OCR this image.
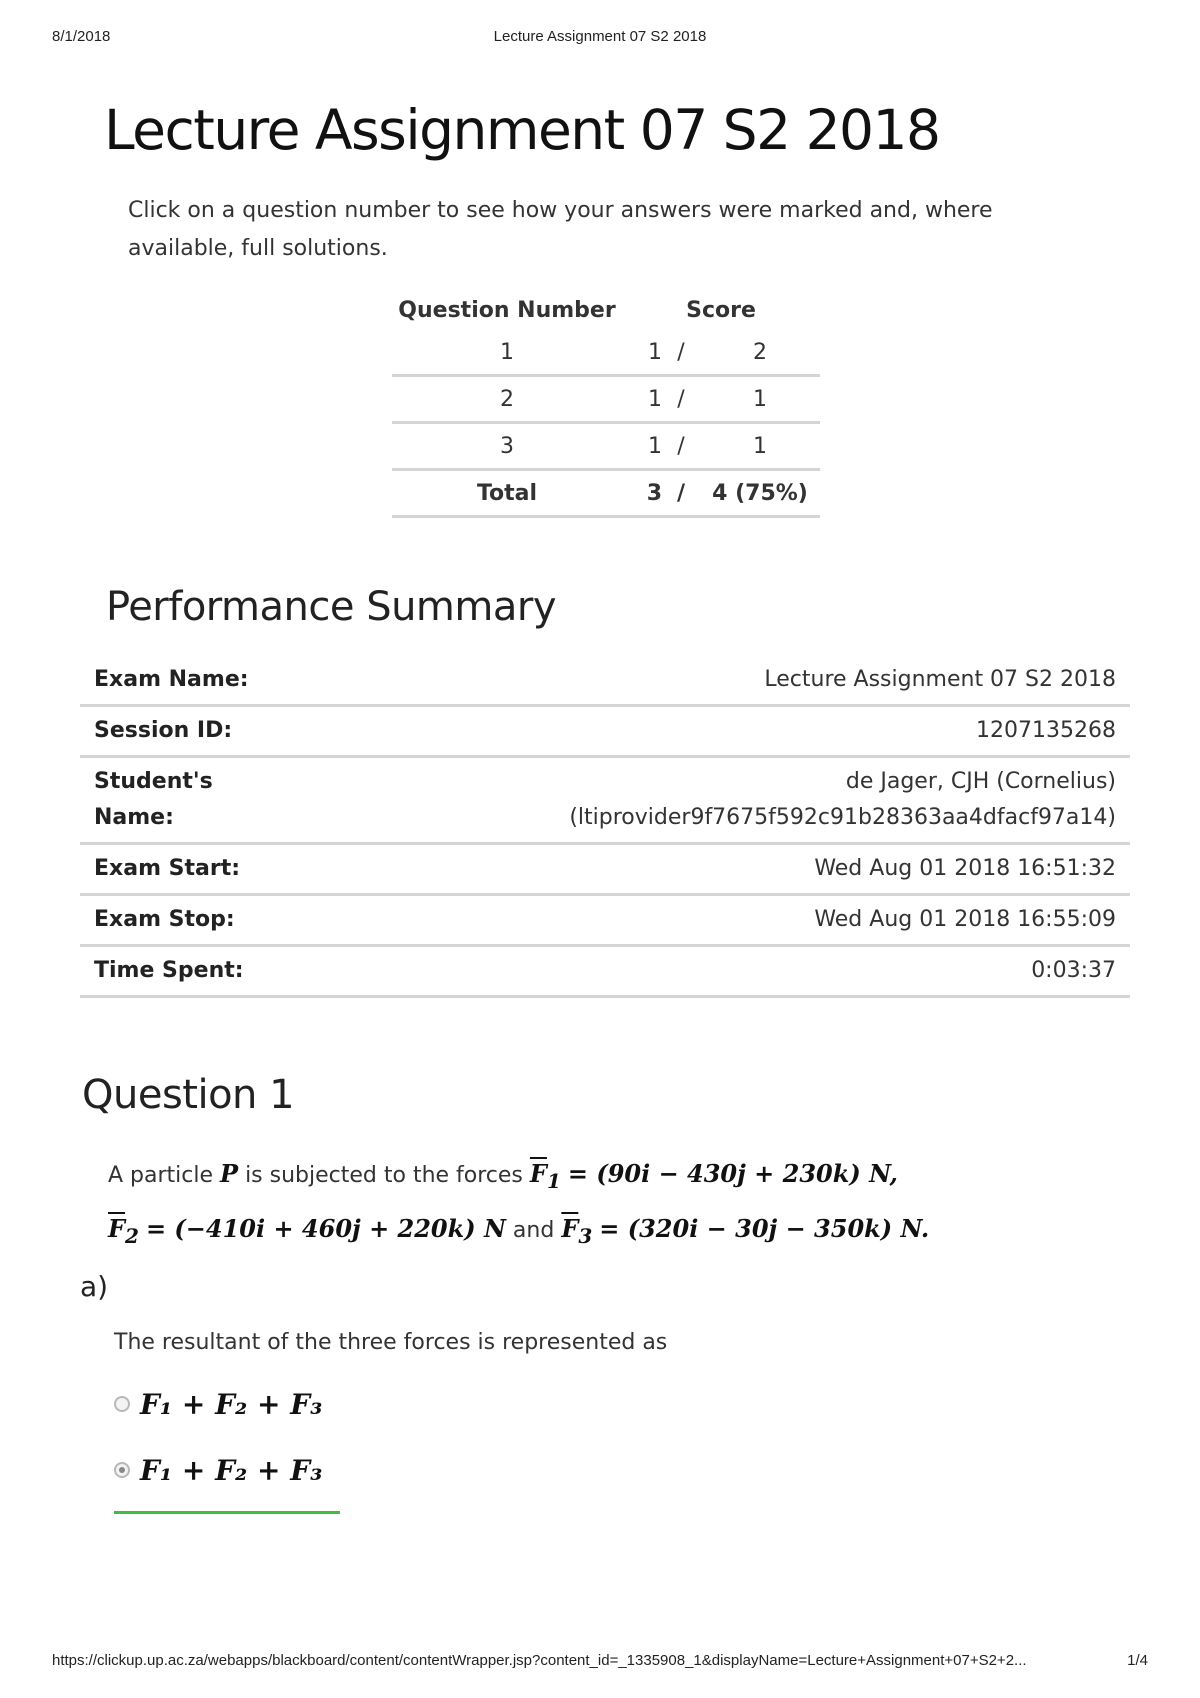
8/1/2018	Lecture Assignment 07 S2 2018
Lecture Assignment 07 S2 2018

Click on a question number to see how your answers were marked and, where available, full solutions.

Question Number	Score		
1	1	/	2
2	1	/	1
3	1	/	1
Total	3	/	4 (75%)
Performance Summary
Exam Name:	Lecture Assignment 07 S2 2018
Session ID:	1207135268
Student's Name:	de Jager, CJH (Cornelius) (ltiprovider9f7675f592c91b28363aa4dfacf97a14)
Exam Start:	Wed Aug 01 2018 16:51:32
Exam Stop:	Wed Aug 01 2018 16:55:09
Time Spent:	0:03:37
Question 1
A particle P is subjected to the forces $\overline{F}_1 = (90i - 430j + 230k)$ N,
$\overline{F}_2 = (-410i + 460j + 220k)$ N and $\overline{F}_3 = (320i - 30j - 350k)$ N.
a)
The resultant of the three forces is represented as
F₁ + F₂ + F₃
F₁ + F₂ + F₃
https://clickup.up.ac.za/webapps/blackboard/content/contentWrapper.jsp?content_id=_1335908_1&displayName=Lecture+Assignment+07+S2+2...	1/4
